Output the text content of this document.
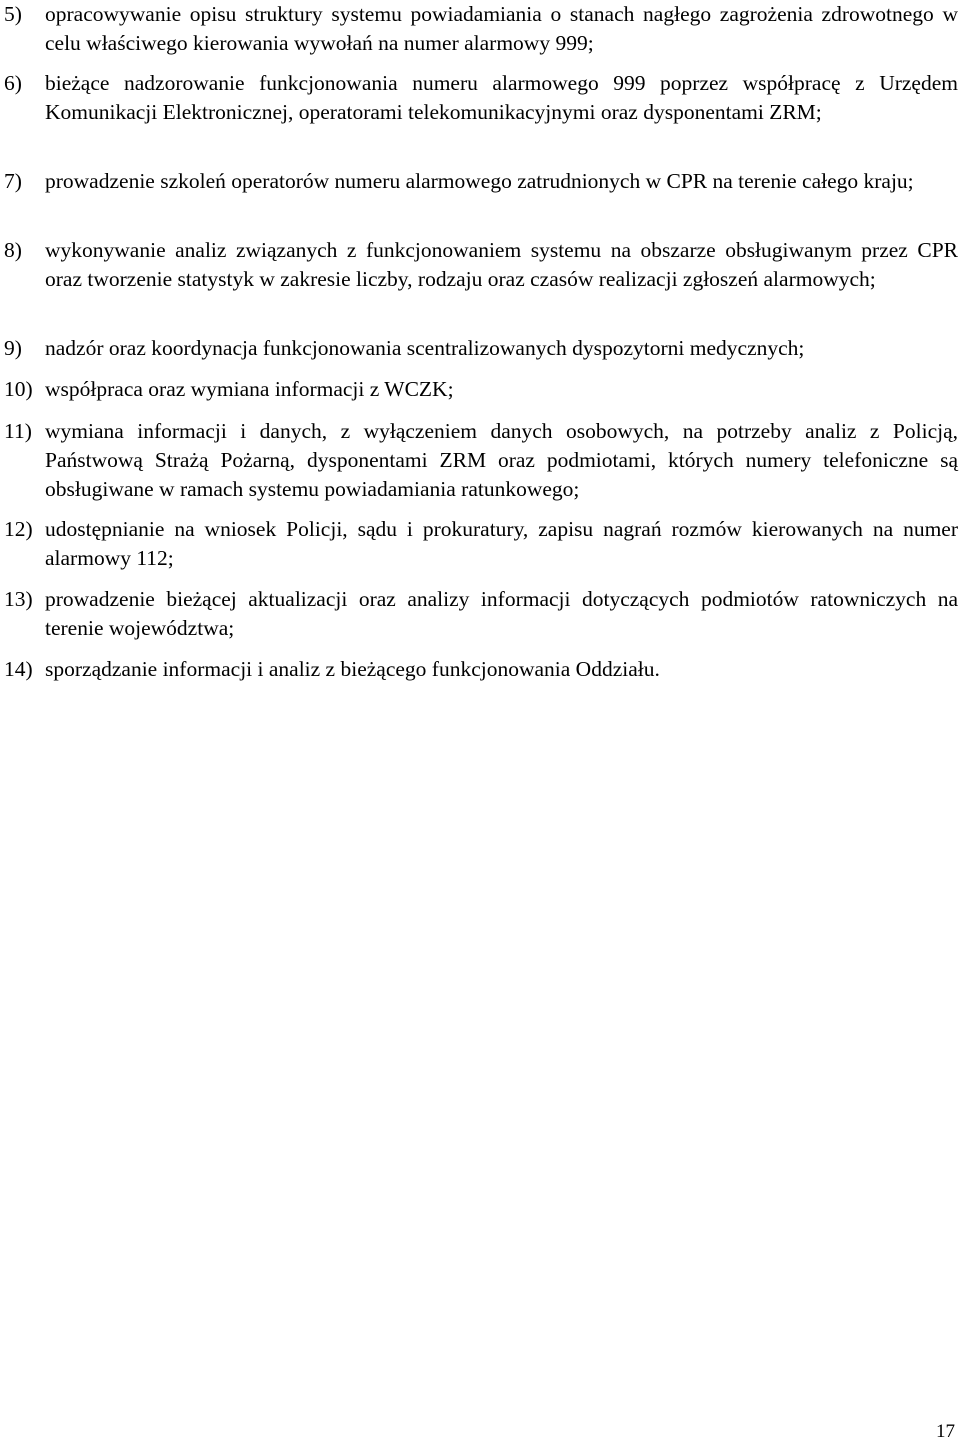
5) opracowywanie opisu struktury systemu powiadamiania o stanach nagłego zagrożenia zdrowotnego w celu właściwego kierowania wywołań na numer alarmowy 999;
6) bieżące nadzorowanie funkcjonowania numeru alarmowego 999 poprzez współpracę z Urzędem Komunikacji Elektronicznej, operatorami telekomunikacyjnymi oraz dysponentami ZRM;
7) prowadzenie szkoleń operatorów numeru alarmowego zatrudnionych w CPR na terenie całego kraju;
8) wykonywanie analiz związanych z funkcjonowaniem systemu na obszarze obsługiwanym przez CPR oraz tworzenie statystyk w zakresie liczby, rodzaju oraz czasów realizacji zgłoszeń alarmowych;
9) nadzór oraz koordynacja funkcjonowania scentralizowanych dyspozytorni medycznych;
10) współpraca oraz wymiana informacji z WCZK;
11) wymiana informacji i danych, z wyłączeniem danych osobowych, na potrzeby analiz z Policją, Państwową Strażą Pożarną, dysponentami ZRM oraz podmiotami, których numery telefoniczne są obsługiwane w ramach systemu powiadamiania ratunkowego;
12) udostępnianie na wniosek Policji, sądu i prokuratury, zapisu nagrań rozmów kierowanych na numer alarmowy 112;
13) prowadzenie bieżącej aktualizacji oraz analizy informacji dotyczących podmiotów ratowniczych na terenie województwa;
14) sporządzanie informacji i analiz z bieżącego funkcjonowania Oddziału.
17
